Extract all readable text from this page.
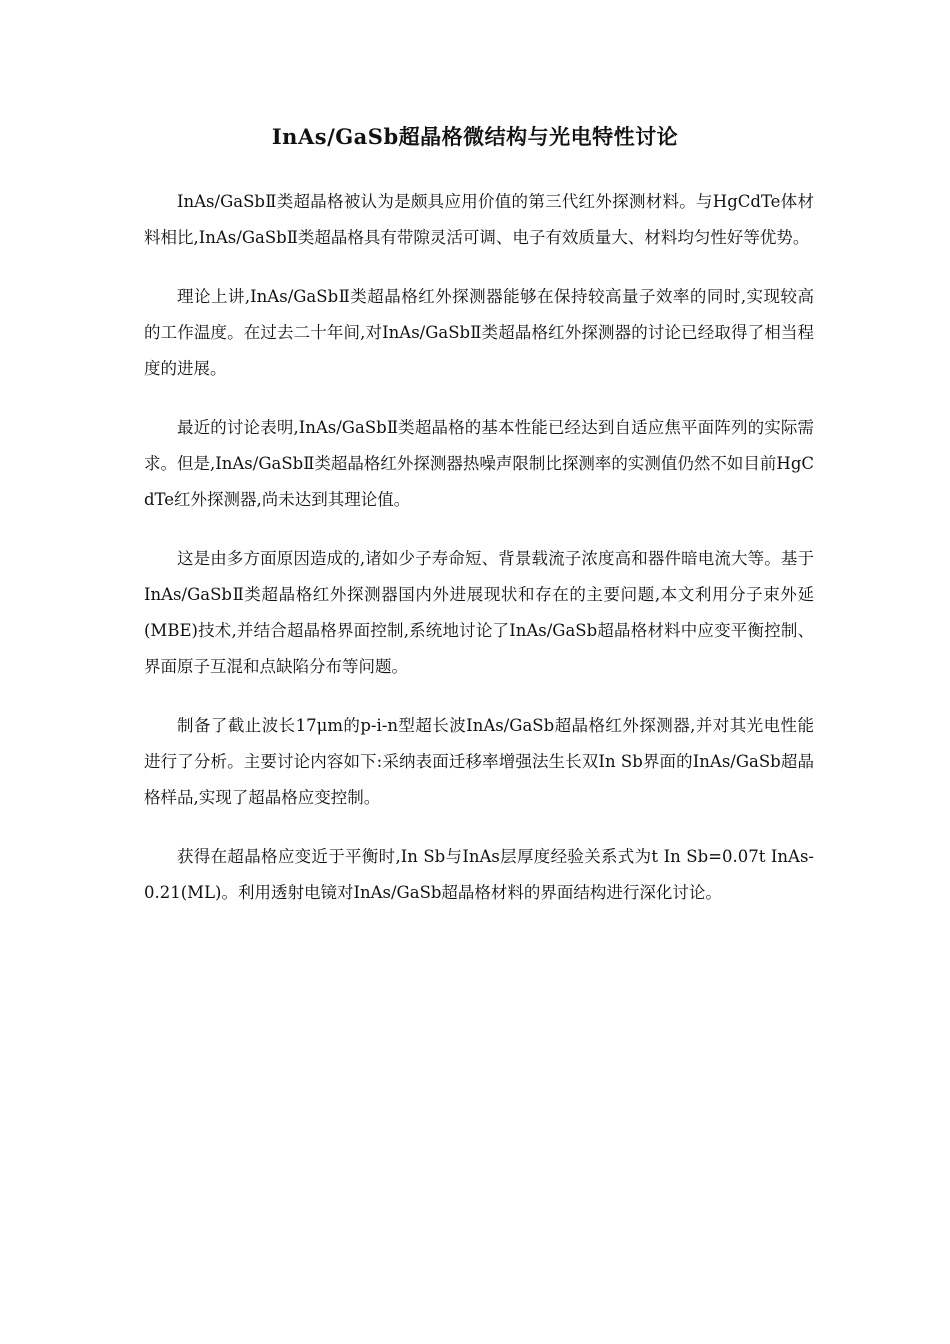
InAs/GaSb超晶格微结构与光电特性讨论

InAs/GaSbⅡ类超晶格被认为是颇具应用价值的第三代红外探测材料。与HgCdTe体材料相比,InAs/GaSbⅡ类超晶格具有带隙灵活可调、电子有效质量大、材料均匀性好等优势。

理论上讲,InAs/GaSbⅡ类超晶格红外探测器能够在保持较高量子效率的同时,实现较高的工作温度。在过去二十年间,对InAs/GaSbⅡ类超晶格红外探测器的讨论已经取得了相当程度的进展。

最近的讨论表明,InAs/GaSbⅡ类超晶格的基本性能已经达到自适应焦平面阵列的实际需求。但是,InAs/GaSbⅡ类超晶格红外探测器热噪声限制比探测率的实测值仍然不如目前HgCdTe红外探测器,尚未达到其理论值。

这是由多方面原因造成的,诸如少子寿命短、背景载流子浓度高和器件暗电流大等。基于InAs/GaSbⅡ类超晶格红外探测器国内外进展现状和存在的主要问题,本文利用分子束外延(MBE)技术,并结合超晶格界面控制,系统地讨论了InAs/GaSb超晶格材料中应变平衡控制、界面原子互混和点缺陷分布等问题。

制备了截止波长17μm的p-i-n型超长波InAs/GaSb超晶格红外探测器,并对其光电性能进行了分析。主要讨论内容如下:采纳表面迁移率增强法生长双In Sb界面的InAs/GaSb超晶格样品,实现了超晶格应变控制。

获得在超晶格应变近于平衡时,In Sb与InAs层厚度经验关系式为t In Sb=0.07t InAs-0.21(ML)。利用透射电镜对InAs/GaSb超晶格材料的界面结构进行深化讨论。
